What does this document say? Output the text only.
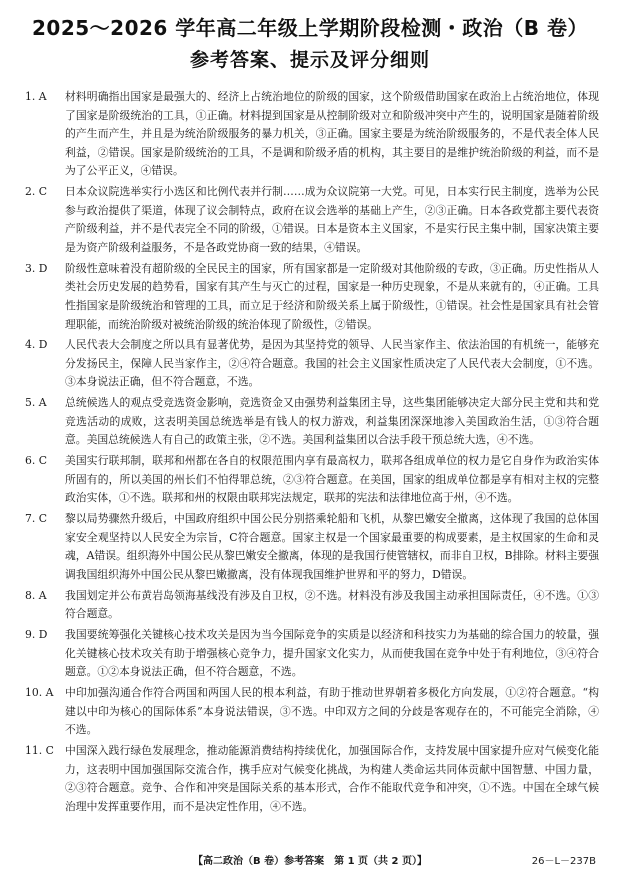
2025～2026 学年高二年级上学期阶段检测・政治（B 卷）
参考答案、提示及评分细则
1. A	材料明确指出国家是最强大的、经济上占统治地位的阶级的国家，这个阶级借助国家在政治上占统治地位，体现了国家是阶级统治的工具，①正确。材料提到国家是从控制阶级对立和阶级冲突中产生的，说明国家是随着阶级的产生而产生，并且是为统治阶级服务的暴力机关，③正确。国家主要是为统治阶级服务的，不是代表全体人民利益，②错误。国家是阶级统治的工具，不是调和阶级矛盾的机构，其主要目的是维护统治阶级的利益，而不是为了公平正义，④错误。
2. C	日本众议院选举实行小选区和比例代表并行制……成为众议院第一大党。可见，日本实行民主制度，选举为公民参与政治提供了渠道，体现了议会制特点，政府在议会选举的基础上产生，②③正确。日本各政党都主要代表资产阶级利益，并不是代表完全不同的阶级，①错误。日本是资本主义国家，不是实行民主集中制，国家决策主要是为资产阶级利益服务，不是各政党协商一致的结果，④错误。
3. D	阶级性意味着没有超阶级的全民民主的国家，所有国家都是一定阶级对其他阶级的专政，③正确。历史性指从人类社会历史发展的趋势看，国家有其产生与灭亡的过程，国家是一种历史现象，不是从来就有的，④正确。工具性指国家是阶级统治和管理的工具，而立足于经济和阶级关系上属于阶级性，①错误。社会性是国家具有社会管理职能，而统治阶级对被统治阶级的统治体现了阶级性，②错误。
4. D	人民代表大会制度之所以具有显著优势，是因为其坚持党的领导、人民当家作主、依法治国的有机统一，能够充分发扬民主，保障人民当家作主，②④符合题意。我国的社会主义国家性质决定了人民代表大会制度，①不选。③本身说法正确，但不符合题意，不选。
5. A	总统候选人的观点受竞选资金影响，竞选资金又由强势利益集团主导，这些集团能够决定大部分民主党和共和党竞选活动的成败，这表明美国总统选举是有钱人的权力游戏，利益集团深深地渗入美国政治生活，①③符合题意。美国总统候选人有自己的政策主张，②不选。美国利益集团以合法手段干预总统大选，④不选。
6. C	美国实行联邦制，联邦和州都在各自的权限范围内享有最高权力，联邦各组成单位的权力是它自身作为政治实体所固有的，所以美国的州长们不怕得罪总统，②③符合题意。在美国，国家的组成单位都是享有相对主权的完整政治实体，①不选。联邦和州的权限由联邦宪法规定，联邦的宪法和法律地位高于州，④不选。
7. C	黎以局势骤然升级后，中国政府组织中国公民分别搭乘轮船和飞机，从黎巴嫩安全撤离，这体现了我国的总体国家安全观坚持以人民安全为宗旨，C符合题意。国家主权是一个国家最重要的构成要素，是主权国家的生命和灵魂，A错误。组织海外中国公民从黎巴嫩安全撤离，体现的是我国行使管辖权，而非自卫权，B排除。材料主要强调我国组织海外中国公民从黎巴嫩撤离，没有体现我国维护世界和平的努力，D错误。
8. A	我国划定并公布黄岩岛领海基线没有涉及自卫权，②不选。材料没有涉及我国主动承担国际责任，④不选。①③符合题意。
9. D	我国要统筹强化关键核心技术攻关是因为当今国际竞争的实质是以经济和科技实力为基础的综合国力的较量，强化关键核心技术攻关有助于增强核心竞争力，提升国家文化实力，从而使我国在竞争中处于有利地位，③④符合题意。①②本身说法正确，但不符合题意，不选。
10. A	中印加强沟通合作符合两国和两国人民的根本利益，有助于推动世界朝着多极化方向发展，①②符合题意。“构建以中印为核心的国际体系”本身说法错误，③不选。中印双方之间的分歧是客观存在的，不可能完全消除，④不选。
11. C	中国深入践行绿色发展理念，推动能源消费结构持续优化，加强国际合作，支持发展中国家提升应对气候变化能力，这表明中国加强国际交流合作，携手应对气候变化挑战，为构建人类命运共同体贡献中国智慧、中国力量，②③符合题意。竞争、合作和冲突是国际关系的基本形式，合作不能取代竞争和冲突，①不选。中国在全球气候治理中发挥重要作用，而不是决定性作用，④不选。
【高二政治（B 卷）参考答案　第 1 页（共 2 页）】	26－L－237B
